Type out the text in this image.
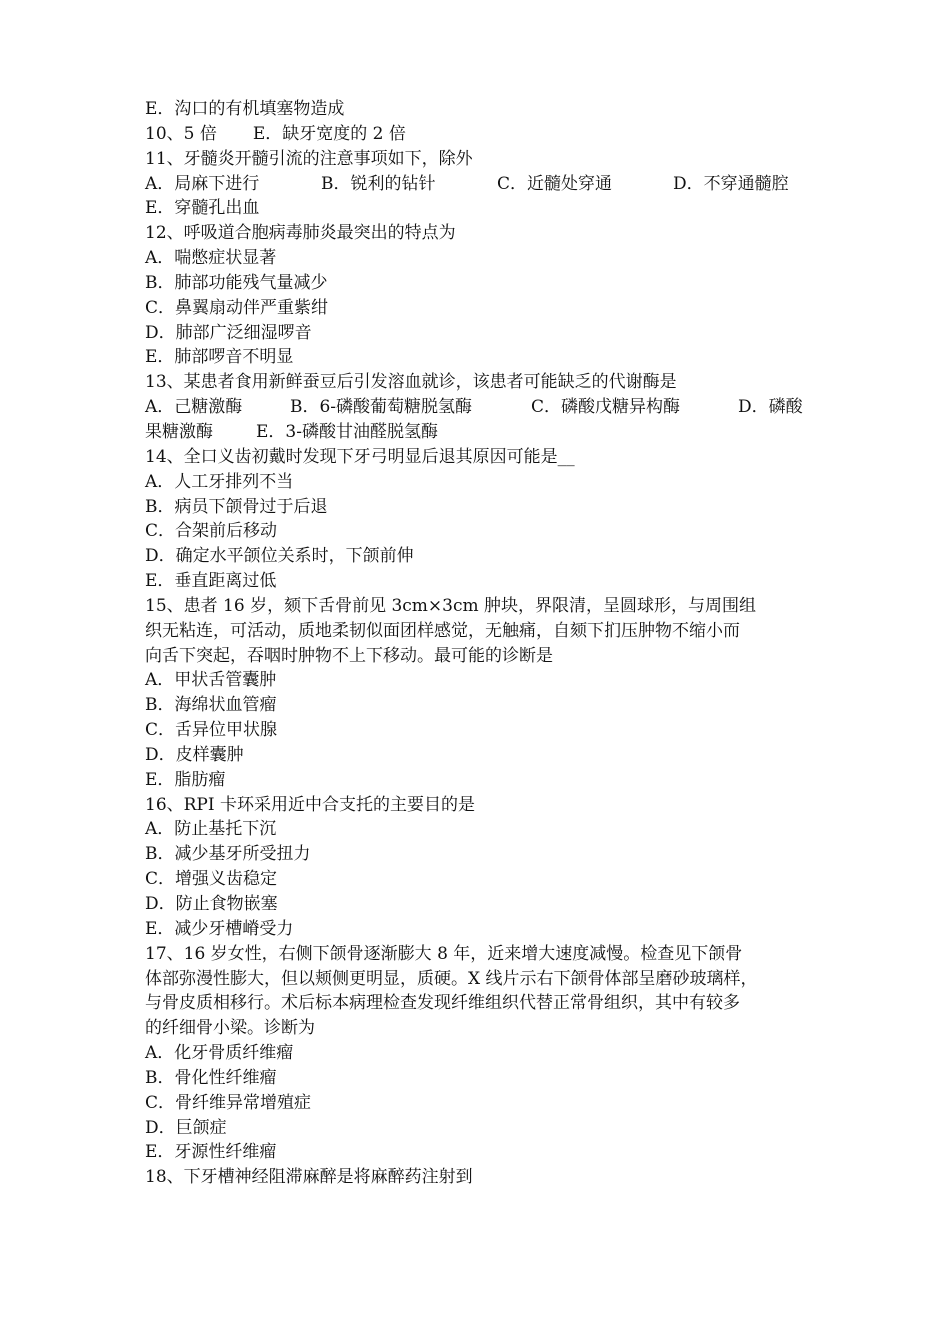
E．沟口的有机填塞物造成
10、5 倍 E．缺牙宽度的 2 倍
11、牙髓炎开髓引流的注意事项如下，除外
A．局麻下进行	B．锐利的钻针	C．近髓处穿通	D．不穿通髓腔
E．穿髓孔出血
12、呼吸道合胞病毒肺炎最突出的特点为
A．喘憋症状显著
B．肺部功能残气量减少
C．鼻翼扇动伴严重紫绀
D．肺部广泛细湿啰音
E．肺部啰音不明显
13、某患者食用新鲜蚕豆后引发溶血就诊，该患者可能缺乏的代谢酶是
A．己糖激酶	B．6-磷酸葡萄糖脱氢酶	C．磷酸戊糖异构酶	D．磷酸
果糖激酶	E．3-磷酸甘油醛脱氢酶
14、全口义齿初戴时发现下牙弓明显后退其原因可能是__
A．人工牙排列不当
B．病员下颌骨过于后退
C．合架前后移动
D．确定水平颌位关系时，下颌前伸
E．垂直距离过低
15、患者 16 岁，颏下舌骨前见 3cm×3cm 肿块，界限清，呈圆球形，与周围组
织无粘连，可活动，质地柔韧似面团样感觉，无触痛，自颏下扪压肿物不缩小而
向舌下突起，吞咽时肿物不上下移动。最可能的诊断是
A．甲状舌管囊肿
B．海绵状血管瘤
C．舌异位甲状腺
D．皮样囊肿
E．脂肪瘤
16、RPI 卡环采用近中合支托的主要目的是
A．防止基托下沉
B．减少基牙所受扭力
C．增强义齿稳定
D．防止食物嵌塞
E．减少牙槽嵴受力
17、16 岁女性，右侧下颌骨逐渐膨大 8 年，近来增大速度减慢。检查见下颌骨
体部弥漫性膨大，但以颊侧更明显，质硬。X 线片示右下颌骨体部呈磨砂玻璃样，
与骨皮质相移行。术后标本病理检查发现纤维组织代替正常骨组织，其中有较多
的纤细骨小梁。诊断为
A．化牙骨质纤维瘤
B．骨化性纤维瘤
C．骨纤维异常增殖症
D．巨颌症
E．牙源性纤维瘤
18、下牙槽神经阻滞麻醉是将麻醉药注射到
